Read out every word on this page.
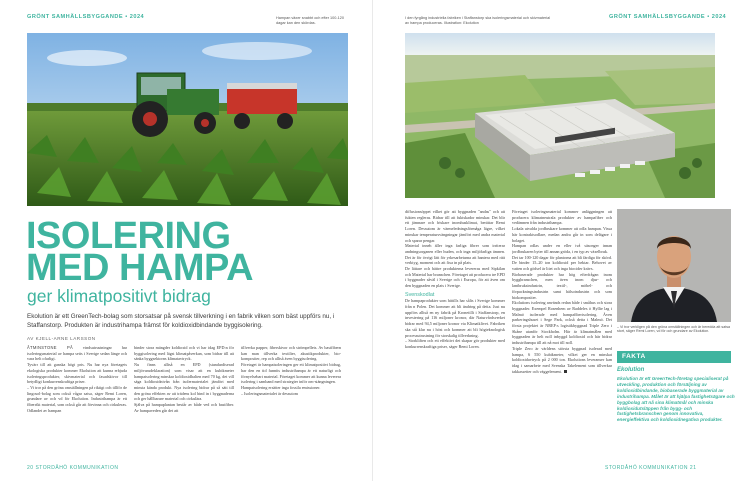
GRÖNT SAMHÄLLSBYGGANDE • 2024	Hampan växer snabbt och efter 100-120 dagar kan den skördas.
ISOLERING
MED HAMPA
ger klimatpositivt bidrag
Ekolution är ett GreenTech-bolag som storsatsar på svensk tillverkning i en fabrik vilken som bäst uppförs nu, i Staffanstorp. Produkten är industrihampa främst för koldioxidbindande byggisolering.
AV KJELL-ARNE LARSSON

ÅTMINSTONE PÅ vindsutrustningar har isoleringsmaterial av hampa setts i Sverige sedan länge och vara helt ofarligt.

Tyvärr till att ganska högt pris. Nu har nya företagets ekologiska produkter kommer Ekolution att kunna erbjuda isoleringsprodukter, skivmaterial och fasadskivor till betydligt konkurrenskraftiga priser.

– Vi tror på den gröna omställningen på riktigt och tillför de lingosol-bolag som också vågar satsa, säger Remi Loren, grundare av och vd för Ekolution. Industrihampa är ett fiberrikt material, som också går att förvinna och cirkuleras. Odlandet av hampan

binder stora mängder koldioxid och vi har idag EPD:n för byggisolering med lägst klimatpåverkan, som bidrar till att sänka byggsektorns klimatavtryck.

Nu finns alltså en EPD (standardiserad miljövarudeklaration) som visar att en kubikmeter hampaisolering minskar koldioxidhalten med 70 kg, det vill säga koldioxidnivån från isolermaterialet jämfört med minsta kända produkt. Nya isolering bidrar på så sätt till den gröna effekten av att trädens kol bind in i byggnaderna och ger hållbarare material och cirkulära.

Själva på hampaplantan består av både ved och bastfiber. Av hampaveden går det att

tillverka papper, fiberskivor och strömpellets. Av bastfibern kan man tillverka textilier, akustikprodukter, bio-kompositer, rep och alltså även byggisolering.

Företaget är hampaisoleringen ger ett klimatpositivt bidrag, har den en tid funnits industrihampa är ett naturligt och förnyelsebart material. Företaget kommer att kunna leverera isolering i samband med strategier inför om-stängningen.

Hampaisolering ersätter inga fossila emissioner.

– Isoleringsmaterialet är dessutom

20 STORDÅHÖ KOMMUNIKATION
I den fyrgång industriella fabriken i Staffanstorp ska isoleringsmaterial och skivmaterial av hampa produceras. Illustration: Ekolution
GRÖNT SAMHÄLLSBYGGANDE • 2024

diffusionsöppet vilket gör att byggnaden "andas" och att fukten regleras. Bidrar till att fuktskador minskar. Det blir ett jämnare och friskare inomhusklimat, berättar Remi Loren. Dessutom är värmeledningsförmåga lägre, vilket minskar temperatursvängningar jämfört med andra material och sparar pengar.

Material inneh äller inga farliga fibrer som irriterar andningsorganen eller huden, och inga miljöfarliga ämnen. Det är för övrigt lätt för yrkesarbetarna att hantera med rätt verktyg, moment och att fixa in på plats.

De lättare och bättre produkterna levereras med Sipkilan och Material har branschen. Företaget att producera tre EPD i byggnader såväl i Sverige och i Europa, för att även om den byggnaden en plats i Sverige.

Svenskodlat

De hampaprodukter som hittills har sålts i Sverige kommer från n Polen. Det kommer att bli ändring på detta. Just nu uppförs alltså en ny fabrik på Kronetillt i Staffanstorp, en investering på 116 miljoner kronor, där Naturvårdsverket bidrar med 94,5 miljoner kronor via Klimatklivet. Fabriken ska stå klar nu i höst och kommer att bli högteknologisk processutrustning för storskalig tillverkning.

– Storkliften och ett effektivt det skapar gör produkter med konkurrenskraftiga priser, säger Remi Loren.

Företaget isoleringsmaterial kommer anläggningen att producera klimatneutrala produkter av hampafiber och vedämnen från industrihampa.

Lokala utvalda jordbrukare kommer att odla hampan. Vissa här kontraktsodlare, medan andra går in som delägare i bolaget.

Hampan odlas under en eller två säsonger innan jordbrukaren byter till annan gröda, i en typ av växelbruk.

Det tar 100-120 dagar för plantorna att bli färdiga för skörd. De binder 15–20 ton koldioxid per hektar. Behovet av vatten och gödsel är litet och inga biocider krävs.

Biobaserade produkter har hög efterfrågan inom byggbranschen, men även inom djur- och lantbruksindustrin, textil-, möbel- och förpackningsindustrin samt hälsoindustrin och som biokompositer.

Ekolutions isolering används redan både i småhus och stora byggnader. Exempel Rosenhem av Raddeles ö Hyllie lag i Malmö isolerade med hampafiberisolering. Även parkeringshuset i Sege Park, också detta i Malmö. Det första projektet är NREP:s logistikbyggnad Triple Zero i Skåne utanför Stockholm. Här är klimatmålen med byggnaden är helt noll inbyggd koldioxid och här bidrar industrihampa till att nå mot till noll.

Triple Zero är världens största byggnad isolerad med hampa, 6 550 kubikmeter, vilket ger en minskat koldioxidavtryck på 2 000 ton. Ekolutions leveranser kan idag i samarbete med Svenska Takelement som tillverkar takkassetter och väggelement.

– Vi tror verkligen på den gröna omställningen och är beredda att satsa stort, säger Remi Loren, vd för och grundare av Ekolution.
FAKTA
Ekolution
Ekolution är ett GreenTech-företag specialiserat på utveckling, produktion och försäljning av koldioxidbindande, biobaserade byggmaterial av industrihampa. Målet är att hjälpa fastighetsägare och byggbolag att nå sina klimatmål och minska koldioxidutsläppen från bygg- och fastighetsbranschen genom innovativa, energieffektiva och koldioxidnegativa produkter.
STORDÅHÖ KOMMUNIKATION 21
